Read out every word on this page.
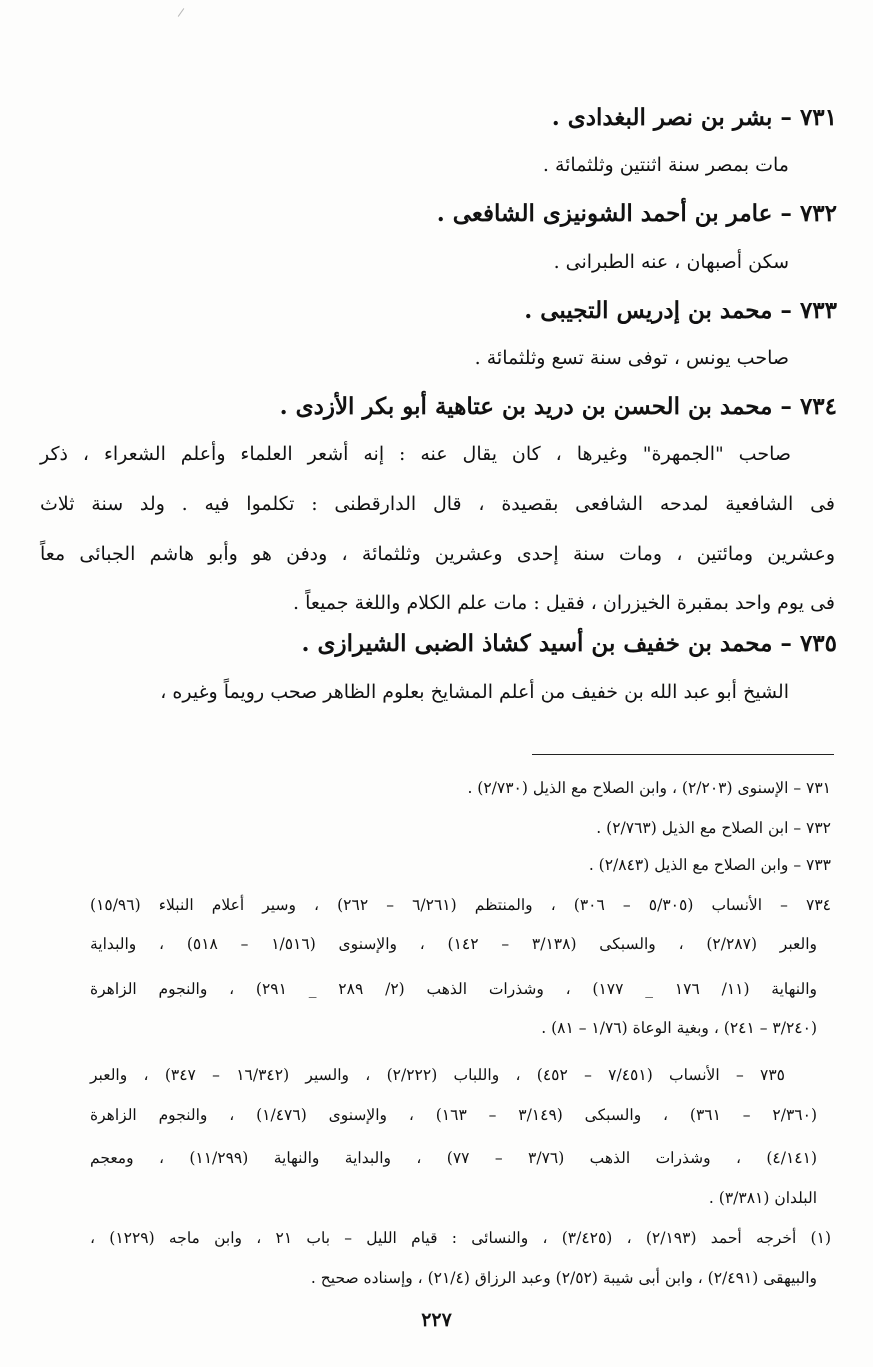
٧٣١ – بشر بن نصر البغدادى .
مات بمصر سنة اثنتين وثلثمائة .
٧٣٢ – عامر بن أحمد الشونيزى الشافعى .
سكن أصبهان ، عنه الطبرانى .
٧٣٣ – محمد بن إدريس التجيبى .
صاحب يونس ، توفى سنة تسع وثلثمائة .
٧٣٤ – محمد بن الحسن بن دريد بن عتاهية أبو بكر الأزدى .
صاحب "الجمهرة" وغيرها ، كان يقال عنه : إنه أشعر العلماء وأعلم الشعراء ، ذكر
فى الشافعية لمدحه الشافعى بقصيدة ، قال الدارقطنى : تكلموا فيه . ولد سنة ثلاث
وعشرين ومائتين ، ومات سنة إحدى وعشرين وثلثمائة ، ودفن هو وأبو هاشم الجبائى معاً
فى يوم واحد بمقبرة الخيزران ، فقيل : مات علم الكلام واللغة جميعاً .
٧٣٥ – محمد بن خفيف بن أسيد كشاذ الضبى الشيرازى .
الشيخ أبو عبد الله بن خفيف من أعلم المشايخ بعلوم الظاهر صحب رويماً وغيره ،
٧٣١ – الإسنوى (٢/٢٠٣) ، وابن الصلاح مع الذيل (٢/٧٣٠) .
٧٣٢ – ابن الصلاح مع الذيل (٢/٧٦٣) .
٧٣٣ – وابن الصلاح مع الذيل (٢/٨٤٣) .
٧٣٤ – الأنساب (٥/٣٠٥ – ٣٠٦) ، والمنتظم (٦/٢٦١ – ٢٦٢) ، وسير أعلام النبلاء (١٥/٩٦)
والعبر (٢/٢٨٧) ، والسبكى (٣/١٣٨ – ١٤٢) ، والإسنوى (١/٥١٦ – ٥١٨) ، والبداية
والنهاية (١١/ ١٧٦ _ ١٧٧) ، وشذرات الذهب (٢/ ٢٨٩ _ ٢٩١) ، والنجوم الزاهرة
(٣/٢٤٠ – ٢٤١) ، وبغية الوعاة (١/٧٦ – ٨١) .
٧٣٥ – الأنساب (٧/٤٥١ – ٤٥٢) ، واللباب (٢/٢٢٢) ، والسير (١٦/٣٤٢ – ٣٤٧) ، والعبر
(٢/٣٦٠ – ٣٦١) ، والسبكى (٣/١٤٩ – ١٦٣) ، والإسنوى (١/٤٧٦) ، والنجوم الزاهرة
(٤/١٤١) ، وشذرات الذهب (٣/٧٦ – ٧٧) ، والبداية والنهاية (١١/٢٩٩) ، ومعجم
البلدان (٣/٣٨١) .
(١) أخرجه أحمد (٢/١٩٣) ، (٣/٤٢٥) ، والنسائى : قيام الليل – باب ٢١ ، وابن ماجه (١٢٢٩) ،
والبيهقى (٢/٤٩١) ، وابن أبى شيبة (٢/٥٢) وعبد الرزاق (٢١/٤) ، وإسناده صحيح .
٢٢٧
